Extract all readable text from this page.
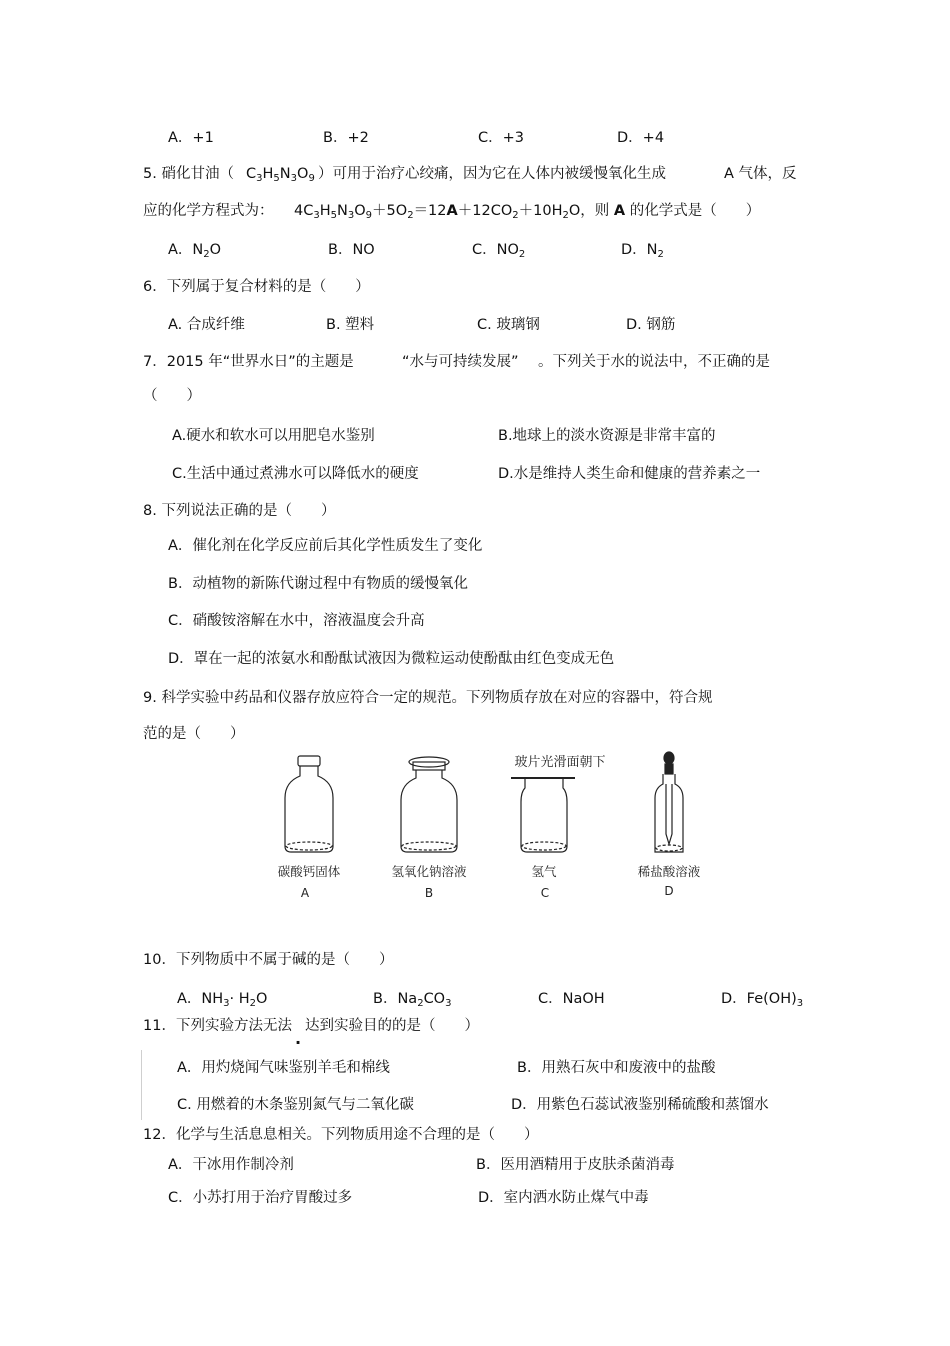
A．+1	B．+2	C．+3	D．+4
5. 硝化甘油（ $C_3H_5N_3O_9$ ）可用于治疗心绞痛，因为它在人体内被缓慢氧化生成	A 气体，反
应的化学方程式为： $4C_3H_5N_3O_9+5O_2=12A+12CO_2+10H_2O$，则 A 的化学式是（　　）
A．$N_2O$	B．NO	C．$NO_2$	D．$N_2$
6．下列属于复合材料的是（　　）
A. 合成纤维	B. 塑料	C. 玻璃钢	D. 钢筋
7．2015 年“世界水日”的主题是	“水与可持续发展” 。下列关于水的说法中，不正确的是
（　　）
A.硬水和软水可以用肥皂水鉴别	B.地球上的淡水资源是非常丰富的
C.生活中通过煮沸水可以降低水的硬度	D.水是维持人类生命和健康的营养素之一
8. 下列说法正确的是（　　）
A．催化剂在化学反应前后其化学性质发生了变化
B．动植物的新陈代谢过程中有物质的缓慢氧化
C．硝酸铵溶解在水中，溶液温度会升高
D．罩在一起的浓氨水和酚酞试液因为微粒运动使酚酞由红色变成无色
9. 科学实验中药品和仪器存放应符合一定的规范。下列物质存放在对应的容器中，符合规
范的是（　　）
玻片光滑面朝下
碳酸钙固体	氢氧化钠溶液	氢气	稀盐酸溶液
A	B	C	D
10．下列物质中不属于碱的是（　　）
A．$NH_3\cdot H_2O$	B．$Na_2CO_3$	C．NaOH	D．$Fe(OH)_3$
11．下列实验方法无法
.
达到实验目的的是（　　）
A．用灼烧闻气味鉴别羊毛和棉线	B．用熟石灰中和废液中的盐酸
C. 用燃着的木条鉴别氮气与二氧化碳	D．用紫色石蕊试液鉴别稀硫酸和蒸馏水
12．化学与生活息息相关。下列物质用途不合理的是（　　）
A．干冰用作制冷剂	B．医用酒精用于皮肤杀菌消毒
C．小苏打用于治疗胃酸过多	D．室内洒水防止煤气中毒
